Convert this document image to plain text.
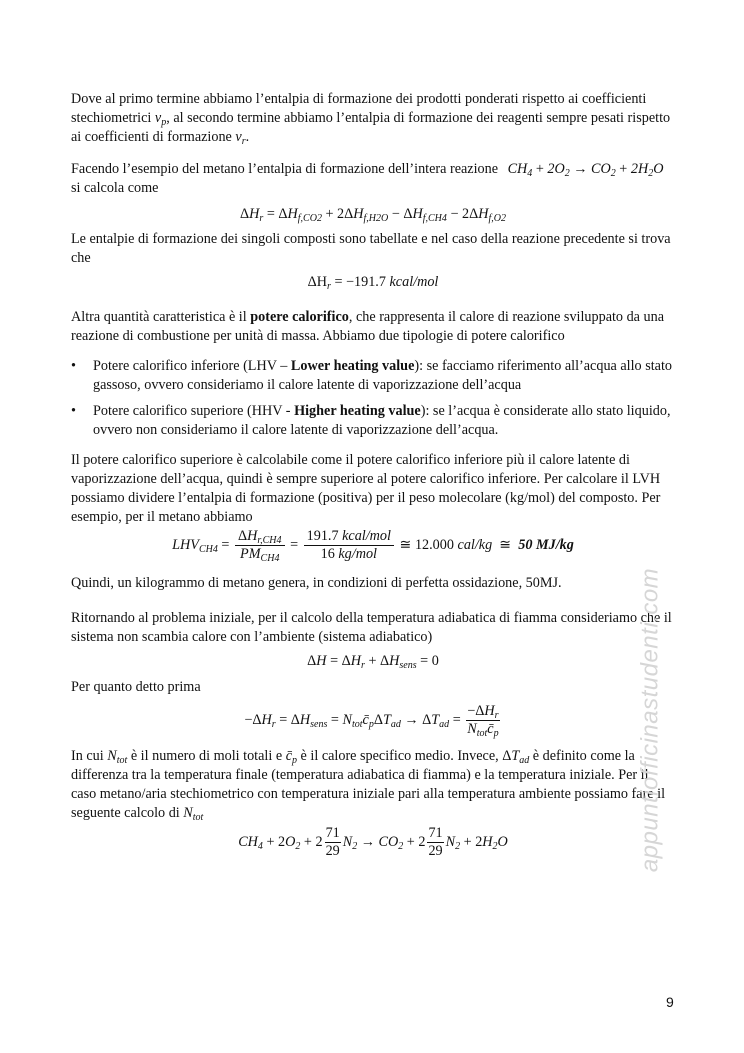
Dove al primo termine abbiamo l’entalpia di formazione dei prodotti ponderati rispetto ai coefficienti stechiometrici $v_p$, al secondo termine abbiamo l’entalpia di formazione dei reagenti sempre pesati rispetto ai coefficienti di formazione $v_r$.
Facendo l’esempio del metano l’entalpia di formazione dell’intera reazione $CH_4 + 2O_2 \to CO_2 + 2H_2O$ si calcola come
$\Delta H_r = \Delta H_{f,CO2} + 2\Delta H_{f,H2O} - \Delta H_{f,CH4} - 2\Delta H_{f,O2}$
Le entalpie di formazione dei singoli composti sono tabellate e nel caso della reazione precedente si trova che
$\Delta H_r = -191.7$ kcal/mol
Altra quantità caratteristica è il potere calorifico, che rappresenta il calore di reazione sviluppato da una reazione di combustione per unità di massa. Abbiamo due tipologie di potere calorifico
• Potere calorifico inferiore (LHV – Lower heating value): se facciamo riferimento all’acqua allo stato gassoso, ovvero consideriamo il calore latente di vaporizzazione dell’acqua
• Potere calorifico superiore (HHV - Higher heating value): se l’acqua è considerate allo stato liquido, ovvero non consideriamo il calore latente di vaporizzazione dell’acqua.
Il potere calorifico superiore è calcolabile come il potere calorifico inferiore più il calore latente di vaporizzazione dell’acqua, quindi è sempre superiore al potere calorifico inferiore. Per calcolare il LVH possiamo dividere l’entalpia di formazione (positiva) per il peso molecolare (kg/mol) del composto. Per esempio, per il metano abbiamo
$LHV_{CH4} = \frac{\Delta H_{r,CH4}}{PM_{CH4}} = \frac{\text{191.7 kcal/mol}}{\text{16 kg/mol}}$ ≅ 12.000 cal/kg  ≅  50 MJ/kg
Quindi, un kilogrammo di metano genera, in condizioni di perfetta ossidazione, 50MJ.
Ritornando al problema iniziale, per il calcolo della temperatura adiabatica di fiamma consideriamo che il sistema non scambia calore con l’ambiente (sistema adiabatico)
$\Delta H = \Delta H_r + \Delta H_{sens} = 0$
Per quanto detto prima
$-\Delta H_r = \Delta H_{sens}$ = $N_{tot}c̄_p\Delta T_{ad} \to \Delta T_{ad} = \frac{-\Delta H_r}{N_{tot}c̄_p}$
In cui $N_{tot}$ è il numero di moli totali e $c̄_p$ è il calore specifico medio. Invece, $\Delta T_{ad}$ è definito come la differenza tra la temperatura finale (temperatura adiabatica di fiamma) e la temperatura iniziale. Per il caso metano/aria stechiometrico con temperatura iniziale pari alla temperatura ambiente possiamo fare il seguente calcolo di $N_{tot}$
$CH_4 + 2O_2 + 2 \frac{71}{29} N_2 \to CO_2 + 2 \frac{71}{29} N_2 + 2H_2O$	appuntiofficinastudenti.com
9
